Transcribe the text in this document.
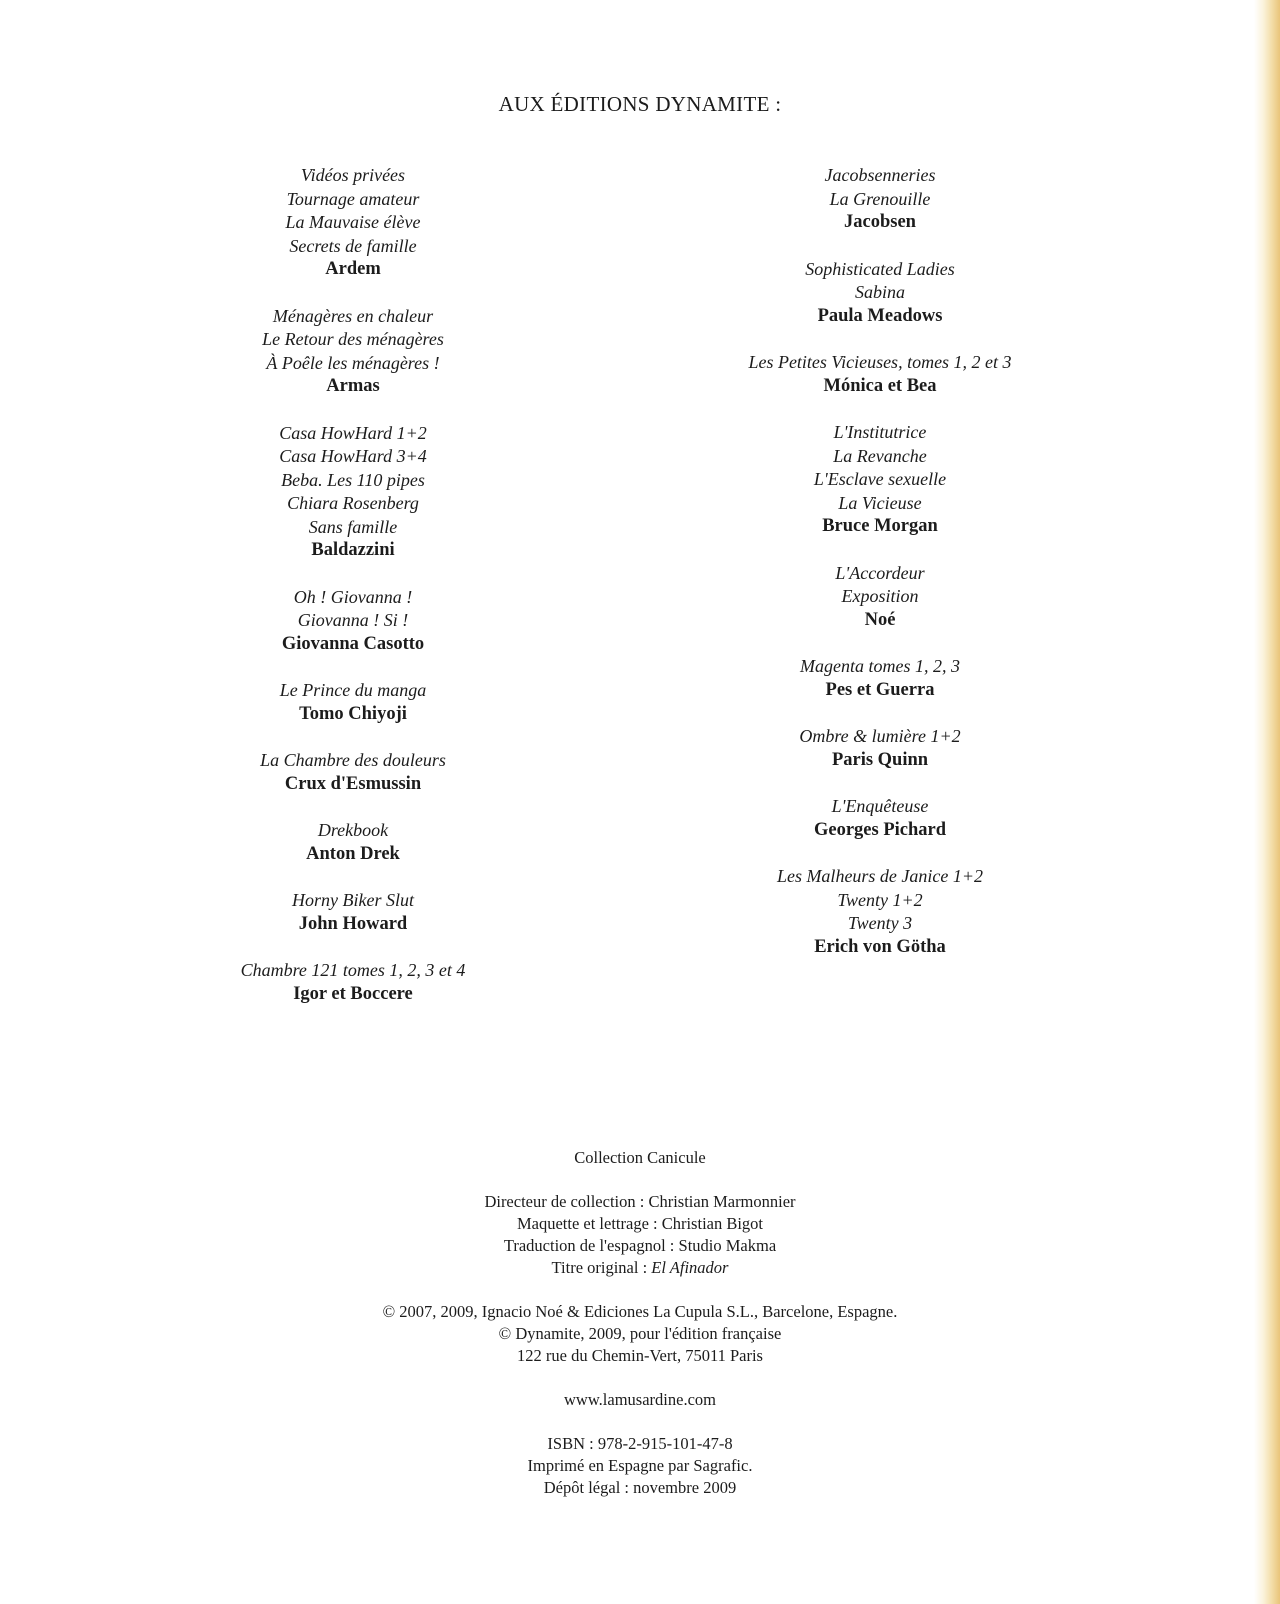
AUX ÉDITIONS DYNAMITE :
Vidéos privées
Tournage amateur
La Mauvaise élève
Secrets de famille
Ardem
Ménagères en chaleur
Le Retour des ménagères
À Poêle les ménagères !
Armas
Casa HowHard 1+2
Casa HowHard 3+4
Beba. Les 110 pipes
Chiara Rosenberg
Sans famille
Baldazzini
Oh ! Giovanna !
Giovanna ! Si !
Giovanna Casotto
Le Prince du manga
Tomo Chiyoji
La Chambre des douleurs
Crux d'Esmussin
Drekbook
Anton Drek
Horny Biker Slut
John Howard
Chambre 121 tomes 1, 2, 3 et 4
Igor et Boccere
Jacobsenneries
La Grenouille
Jacobsen
Sophisticated Ladies
Sabina
Paula Meadows
Les Petites Vicieuses, tomes 1, 2 et 3
Mónica et Bea
L'Institutrice
La Revanche
L'Esclave sexuelle
La Vicieuse
Bruce Morgan
L'Accordeur
Exposition
Noé
Magenta tomes 1, 2, 3
Pes et Guerra
Ombre & lumière 1+2
Paris Quinn
L'Enquêteuse
Georges Pichard
Les Malheurs de Janice 1+2
Twenty 1+2
Twenty 3
Erich von Götha
Collection Canicule
Directeur de collection : Christian Marmonnier
Maquette et lettrage : Christian Bigot
Traduction de l'espagnol : Studio Makma
Titre original : El Afinador
© 2007, 2009, Ignacio Noé & Ediciones La Cupula S.L., Barcelone, Espagne.
© Dynamite, 2009, pour l'édition française
122 rue du Chemin-Vert, 75011 Paris
www.lamusardine.com
ISBN : 978-2-915-101-47-8
Imprimé en Espagne par Sagrafic.
Dépôt légal : novembre 2009
